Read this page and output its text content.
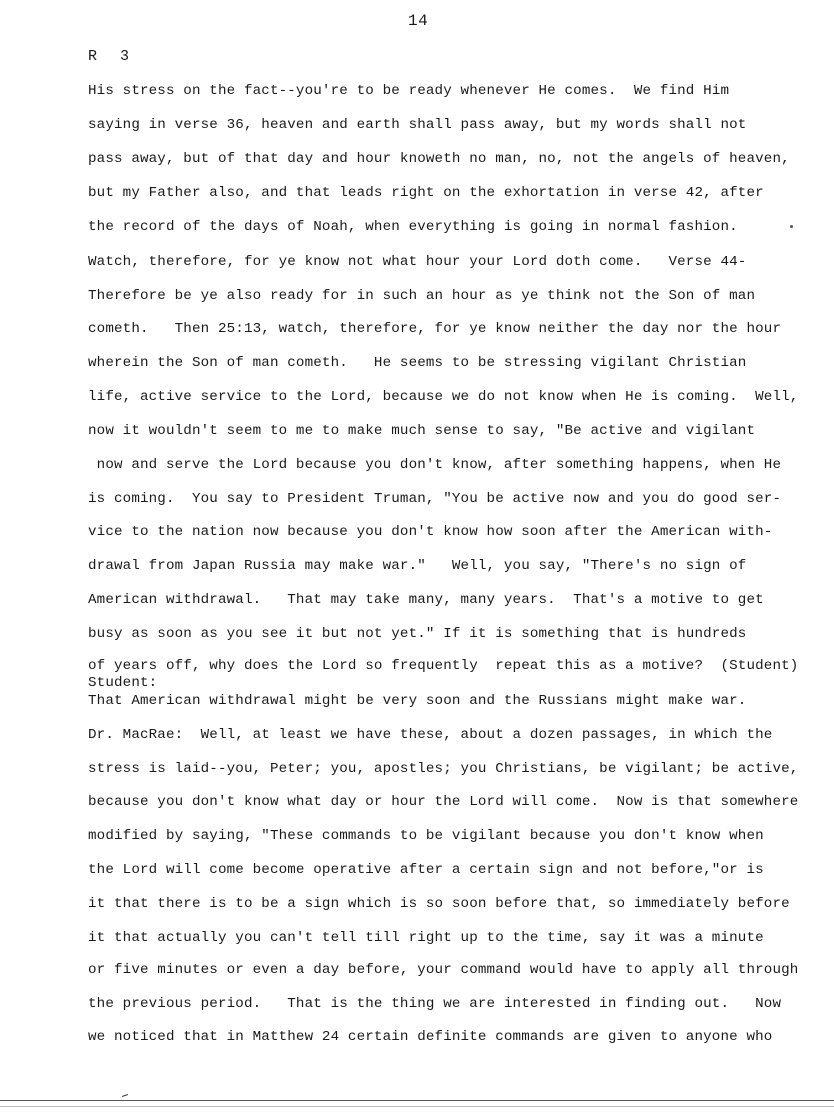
14
R 3
His stress on the fact--you're to be ready whenever He comes.  We find Him
saying in verse 36, heaven and earth shall pass away, but my words shall not
pass away, but of that day and hour knoweth no man, no, not the angels of heaven,
but my Father also, and that leads right on the exhortation in verse 42, after
the record of the days of Noah, when everything is going in normal fashion.
Watch, therefore, for ye know not what hour your Lord doth come.   Verse 44-
Therefore be ye also ready for in such an hour as ye think not the Son of man
cometh.   Then 25:13, watch, therefore, for ye know neither the day nor the hour
wherein the Son of man cometh.   He seems to be stressing vigilant Christian
life, active service to the Lord, because we do not know when He is coming.  Well,
now it wouldn't seem to me to make much sense to say, "Be active and vigilant
now and serve the Lord because you don't know, after something happens, when He
is coming.  You say to President Truman, "You be active now and you do good ser-
vice to the nation now because you don't know how soon after the American with-
drawal from Japan Russia may make war."   Well, you say, "There's no sign of
American withdrawal.   That may take many, many years.  That's a motive to get
busy as soon as you see it but not yet." If it is something that is hundreds
of years off, why does the Lord so frequently  repeat this as a motive?  (Student)
Student:
That American withdrawal might be very soon and the Russians might make war.
Dr. MacRae:  Well, at least we have these, about a dozen passages, in which the
stress is laid--you, Peter; you, apostles; you Christians, be vigilant; be active,
because you don't know what day or hour the Lord will come.  Now is that somewhere
modified by saying, "These commands to be vigilant because you don't know when
the Lord will come become operative after a certain sign and not before,"or is
it that there is to be a sign which is so soon before that, so immediately before
it that actually you can't tell till right up to the time, say it was a minute
or five minutes or even a day before, your command would have to apply all through
the previous period.   That is the thing we are interested in finding out.   Now
we noticed that in Matthew 24 certain definite commands are given to anyone who
